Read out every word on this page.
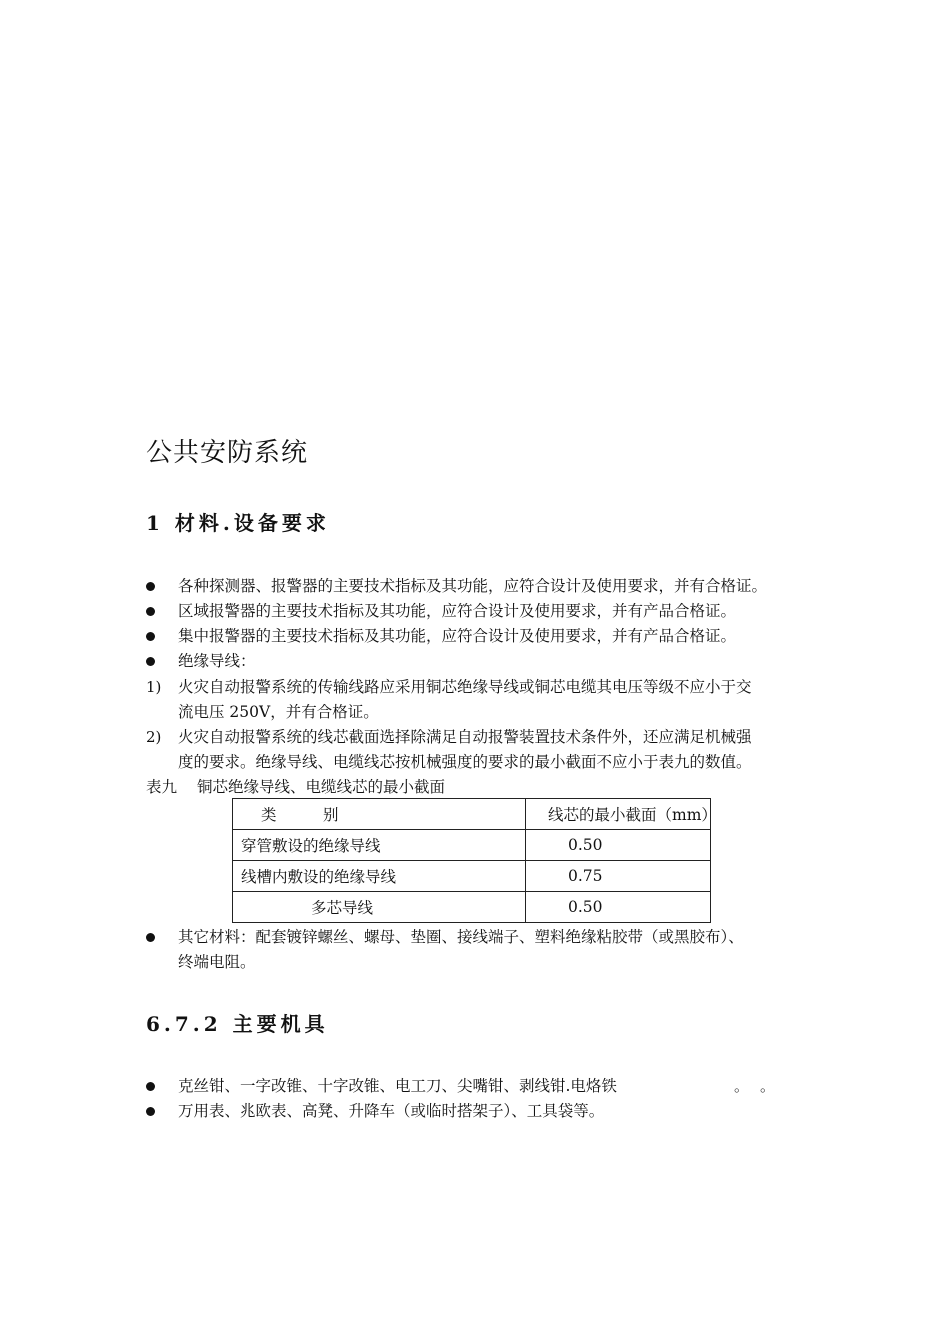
公共安防系统
1 材料.设备要求
各种探测器、报警器的主要技术指标及其功能，应符合设计及使用要求，并有合格证。
区域报警器的主要技术指标及其功能，应符合设计及使用要求，并有产品合格证。
集中报警器的主要技术指标及其功能，应符合设计及使用要求，并有产品合格证。
绝缘导线：
1) 火灾自动报警系统的传输线路应采用铜芯绝缘导线或铜芯电缆其电压等级不应小于交
流电压 250V，并有合格证。
2) 火灾自动报警系统的线芯截面选择除满足自动报警装置技术条件外，还应满足机械强
度的要求。绝缘导线、电缆线芯按机械强度的要求的最小截面不应小于表九的数值。
表九 铜芯绝缘导线、电缆线芯的最小截面
类　　　别	线芯的最小截面（mm）
穿管敷设的绝缘导线	0.50
线槽内敷设的绝缘导线	0.75
多芯导线	0.50
其它材料：配套镀锌螺丝、螺母、垫圈、接线端子、塑料绝缘粘胶带（或黑胶布）、
终端电阻。
6.7.2 主要机具
克丝钳、一字改锥、十字改锥、电工刀、尖嘴钳、剥线钳.电烙铁	。 。
万用表、兆欧表、高凳、升降车（或临时搭架子）、工具袋等。
